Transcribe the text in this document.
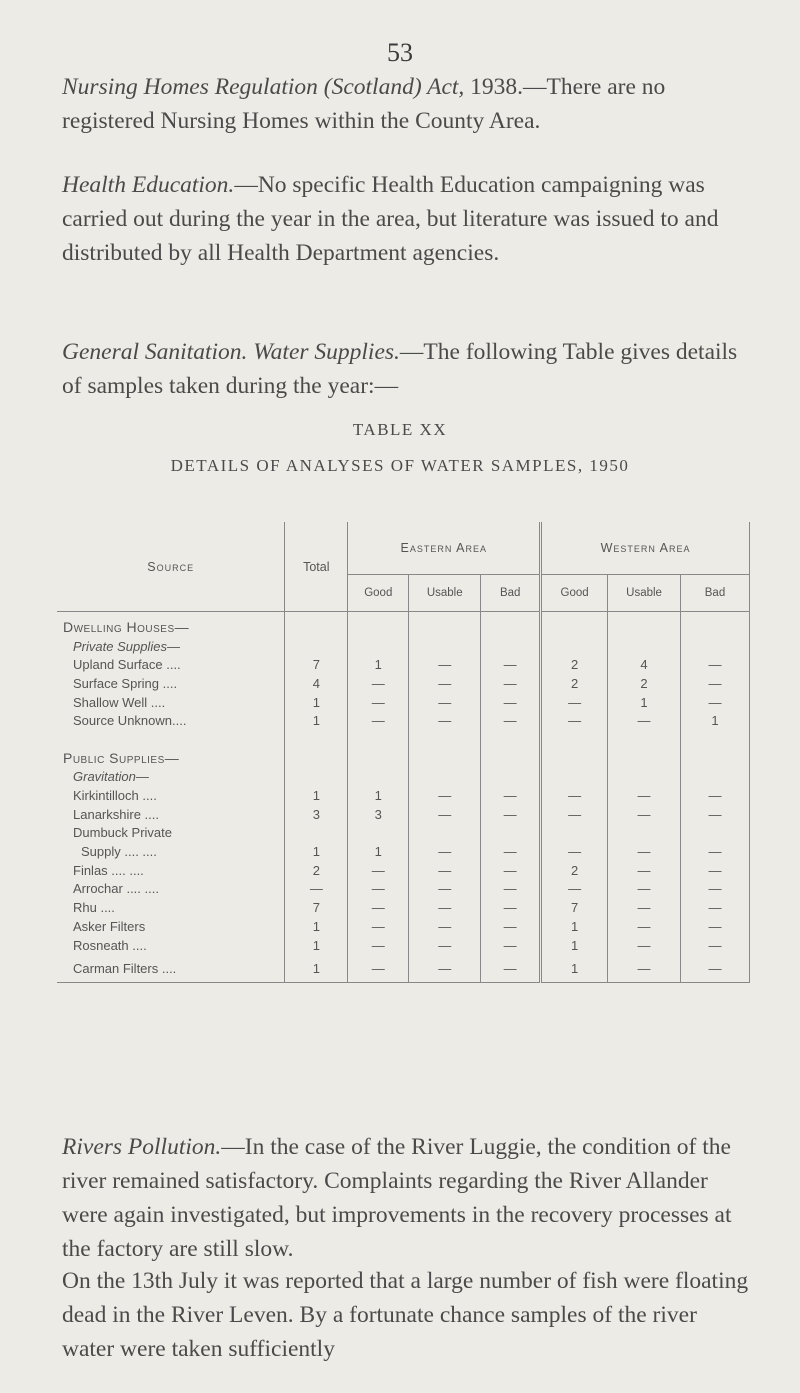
53

Nursing Homes Regulation (Scotland) Act, 1938.—There are no registered Nursing Homes within the County Area.

Health Education.—No specific Health Education campaigning was carried out during the year in the area, but literature was issued to and distributed by all Health Department agencies.

General Sanitation. Water Supplies.—The following Table gives details of samples taken during the year:—

TABLE XX
DETAILS OF ANALYSES OF WATER SAMPLES, 1950
Source	Total	Eastern Area			Western Area		
		Good	Usable	Bad	Good	Usable	Bad
Dwelling Houses—							
Private Supplies—							
Upland Surface ....	7	1	—	—	2	4	—
Surface Spring ....	4	—	—	—	2	2	—
Shallow Well ....	1	—	—	—	—	1	—
Source Unknown....	1	—	—	—	—	—	1

Public Supplies—							
Gravitation—							
Kirkintilloch ....	1	1	—	—	—	—	—
Lanarkshire ....	3	3	—	—	—	—	—
Dumbuck Private							
Supply .... ....	1	1	—	—	—	—	—
Finlas .... ....	2	—	—	—	2	—	—
Arrochar .... ....	—	—	—	—	—	—	—
Rhu ....	7	—	—	—	7	—	—
Asker Filters	1	—	—	—	1	—	—
Rosneath ....	1	—	—	—	1	—	—
Carman Filters ....	1	—	—	—	1	—	—

Rivers Pollution.—In the case of the River Luggie, the condition of the river remained satisfactory. Complaints regarding the River Allander were again investigated, but improvements in the recovery processes at the factory are still slow.

On the 13th July it was reported that a large number of fish were floating dead in the River Leven. By a fortunate chance samples of the river water were taken sufficiently
